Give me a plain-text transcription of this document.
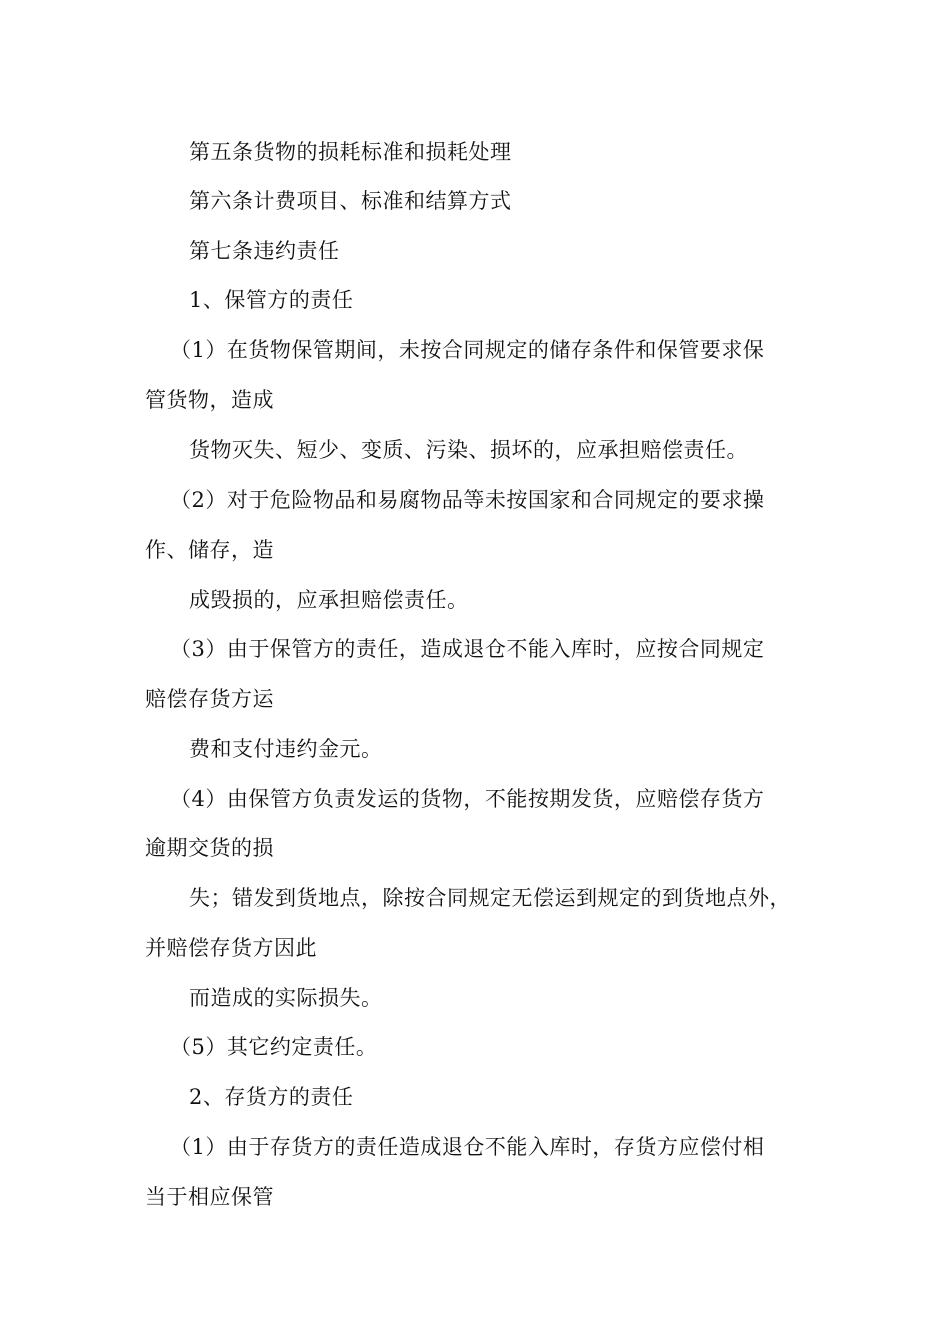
第五条货物的损耗标准和损耗处理
第六条计费项目、标准和结算方式
第七条违约责任
1、保管方的责任
（1）在货物保管期间，未按合同规定的储存条件和保管要求保
管货物，造成
货物灭失、短少、变质、污染、损坏的，应承担赔偿责任。
（2）对于危险物品和易腐物品等未按国家和合同规定的要求操
作、储存，造
成毁损的，应承担赔偿责任。
（3）由于保管方的责任，造成退仓不能入库时，应按合同规定
赔偿存货方运
费和支付违约金元。
（4）由保管方负责发运的货物，不能按期发货，应赔偿存货方
逾期交货的损
失；错发到货地点，除按合同规定无偿运到规定的到货地点外，
并赔偿存货方因此
而造成的实际损失。
（5）其它约定责任。
2、存货方的责任
（1）由于存货方的责任造成退仓不能入库时，存货方应偿付相
当于相应保管
